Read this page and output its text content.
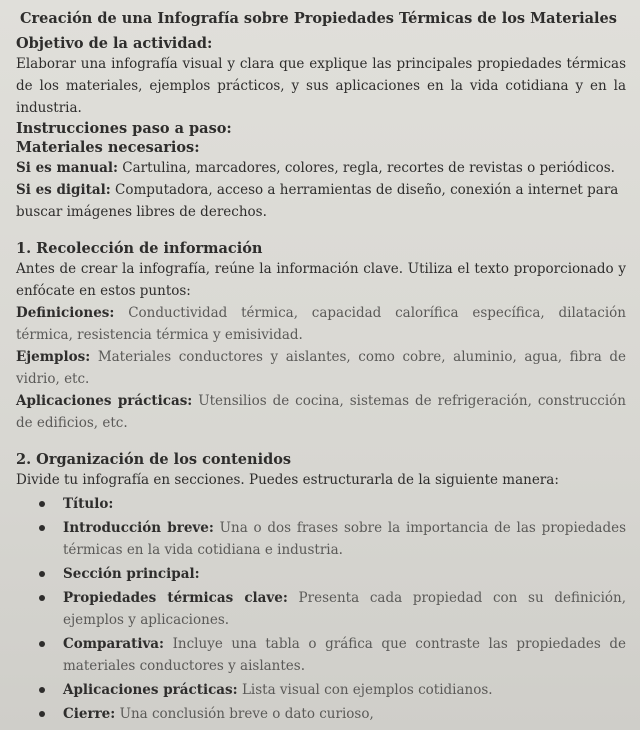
Creación de una Infografía sobre Propiedades Térmicas de los Materiales
Objetivo de la actividad:

Elaborar una infografía visual y clara que explique las principales propiedades térmicas de los materiales, ejemplos prácticos, y sus aplicaciones en la vida cotidiana y en la industria.

Instrucciones paso a paso:
Materiales necesarios:

Si es manual: Cartulina, marcadores, colores, regla, recortes de revistas o periódicos.

Si es digital: Computadora, acceso a herramientas de diseño, conexión a internet para buscar imágenes libres de derechos.

1. Recolección de información

Antes de crear la infografía, reúne la información clave. Utiliza el texto proporcionado y enfócate en estos puntos:

Definiciones: Conductividad térmica, capacidad calorífica específica, dilatación térmica, resistencia térmica y emisividad.

Ejemplos: Materiales conductores y aislantes, como cobre, aluminio, agua, fibra de vidrio, etc.

Aplicaciones prácticas: Utensilios de cocina, sistemas de refrigeración, construcción de edificios, etc.

2. Organización de los contenidos

Divide tu infografía en secciones. Puedes estructurarla de la siguiente manera:

Título:
Introducción breve: Una o dos frases sobre la importancia de las propiedades térmicas en la vida cotidiana e industria.
Sección principal:
Propiedades térmicas clave: Presenta cada propiedad con su definición, ejemplos y aplicaciones.
Comparativa: Incluye una tabla o gráfica que contraste las propiedades de materiales conductores y aislantes.
Aplicaciones prácticas: Lista visual con ejemplos cotidianos.
Cierre: Una conclusión breve o dato curioso,
